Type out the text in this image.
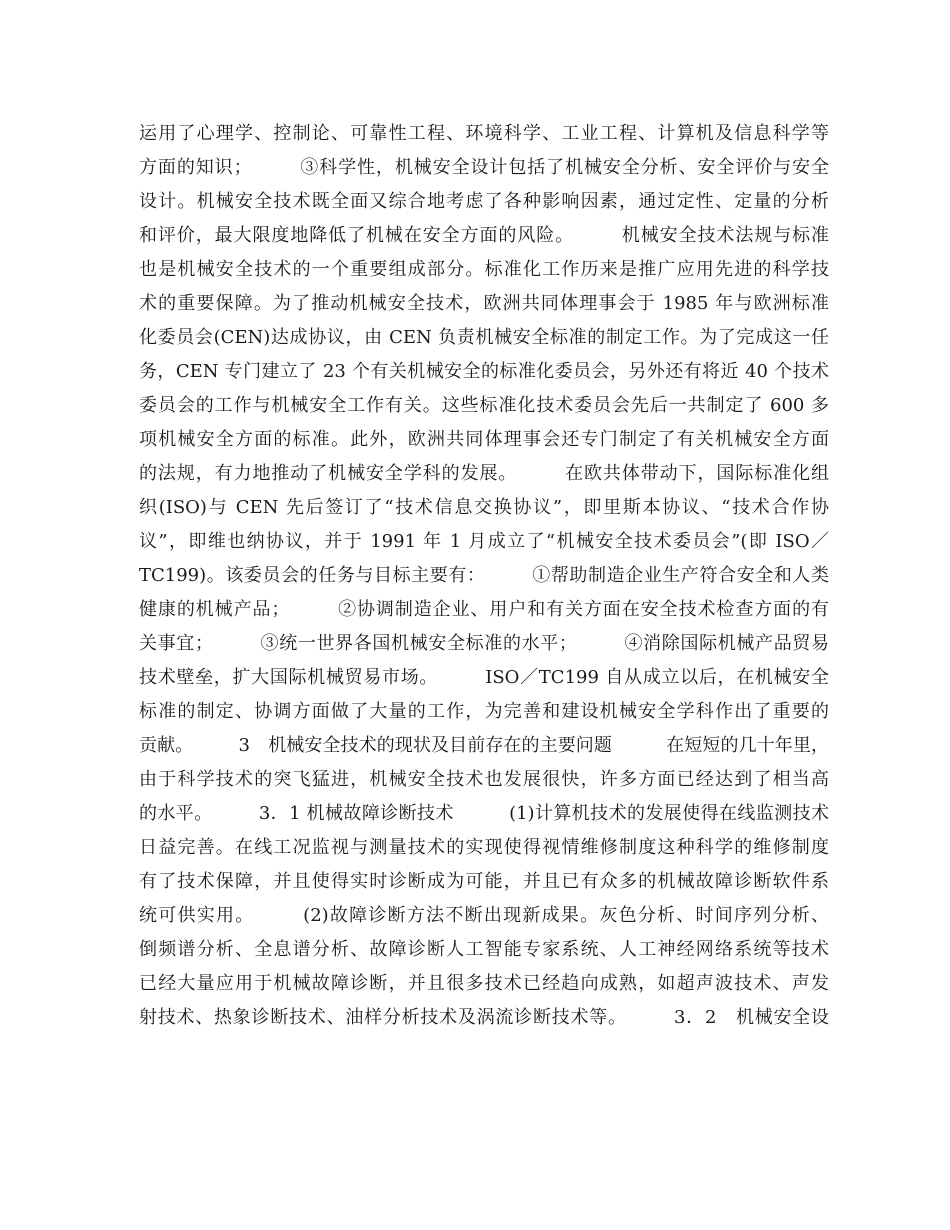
运用了心理学、控制论、可靠性工程、环境科学、工业工程、计算机及信息科学等
方面的知识；　　　③科学性，机械安全设计包括了机械安全分析、安全评价与安全
设计。机械安全技术既全面又综合地考虑了各种影响因素，通过定性、定量的分析
和评价，最大限度地降低了机械在安全方面的风险。　　　机械安全技术法规与标准
也是机械安全技术的一个重要组成部分。标准化工作历来是推广应用先进的科学技
术的重要保障。为了推动机械安全技术，欧洲共同体理事会于 1985 年与欧洲标准
化委员会(CEN)达成协议，由 CEN 负责机械安全标准的制定工作。为了完成这一任
务，CEN 专门建立了 23 个有关机械安全的标准化委员会，另外还有将近 40 个技术
委员会的工作与机械安全工作有关。这些标准化技术委员会先后一共制定了 600 多
项机械安全方面的标准。此外，欧洲共同体理事会还专门制定了有关机械安全方面
的法规，有力地推动了机械安全学科的发展。　　　在欧共体带动下，国际标准化组
织(ISO)与 CEN 先后签订了“技术信息交换协议”，即里斯本协议、“技术合作协
议”，即维也纳协议，并于 1991 年 1 月成立了“机械安全技术委员会”(即 ISO／
TC199)。该委员会的任务与目标主要有：　　　①帮助制造企业生产符合安全和人类
健康的机械产品；　　　②协调制造企业、用户和有关方面在安全技术检查方面的有
关事宜；　　　③统一世界各国机械安全标准的水平；　　　④消除国际机械产品贸易
技术壁垒，扩大国际机械贸易市场。　　　ISO／TC199 自从成立以后，在机械安全
标准的制定、协调方面做了大量的工作，为完善和建设机械安全学科作出了重要的
贡献。　　　3　机械安全技术的现状及目前存在的主要问题　　　在短短的几十年里，
由于科学技术的突飞猛进，机械安全技术也发展很快，许多方面已经达到了相当高
的水平。　　　3．1 机械故障诊断技术　　　(1)计算机技术的发展使得在线监测技术
日益完善。在线工况监视与测量技术的实现使得视情维修制度这种科学的维修制度
有了技术保障，并且使得实时诊断成为可能，并且已有众多的机械故障诊断软件系
统可供实用。　　　(2)故障诊断方法不断出现新成果。灰色分析、时间序列分析、
倒频谱分析、全息谱分析、故障诊断人工智能专家系统、人工神经网络系统等技术
已经大量应用于机械故障诊断，并且很多技术已经趋向成熟，如超声波技术、声发
射技术、热象诊断技术、油样分析技术及涡流诊断技术等。　　　3．2　机械安全设
